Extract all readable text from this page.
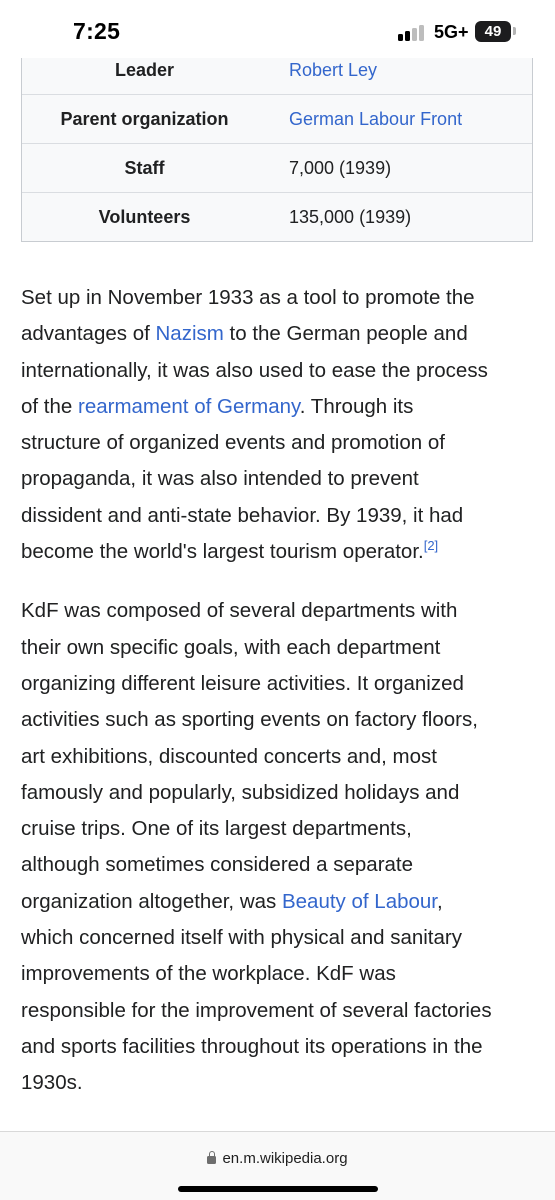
7:25	5G+	49
Leader	Robert Ley
Parent organization	German Labour Front
Staff	7,000 (1939)
Volunteers	135,000 (1939)

Set up in November 1933 as a tool to promote the
advantages of Nazism to the German people and
internationally, it was also used to ease the process
of the rearmament of Germany. Through its
structure of organized events and promotion of
propaganda, it was also intended to prevent
dissident and anti-state behavior. By 1939, it had
become the world's largest tourism operator.[2]

KdF was composed of several departments with
their own specific goals, with each department
organizing different leisure activities. It organized
activities such as sporting events on factory floors,
art exhibitions, discounted concerts and, most
famously and popularly, subsidized holidays and
cruise trips. One of its largest departments,
although sometimes considered a separate
organization altogether, was Beauty of Labour,
which concerned itself with physical and sanitary
improvements of the workplace. KdF was
responsible for the improvement of several factories
and sports facilities throughout its operations in the
1930s.

en.m.wikipedia.org
